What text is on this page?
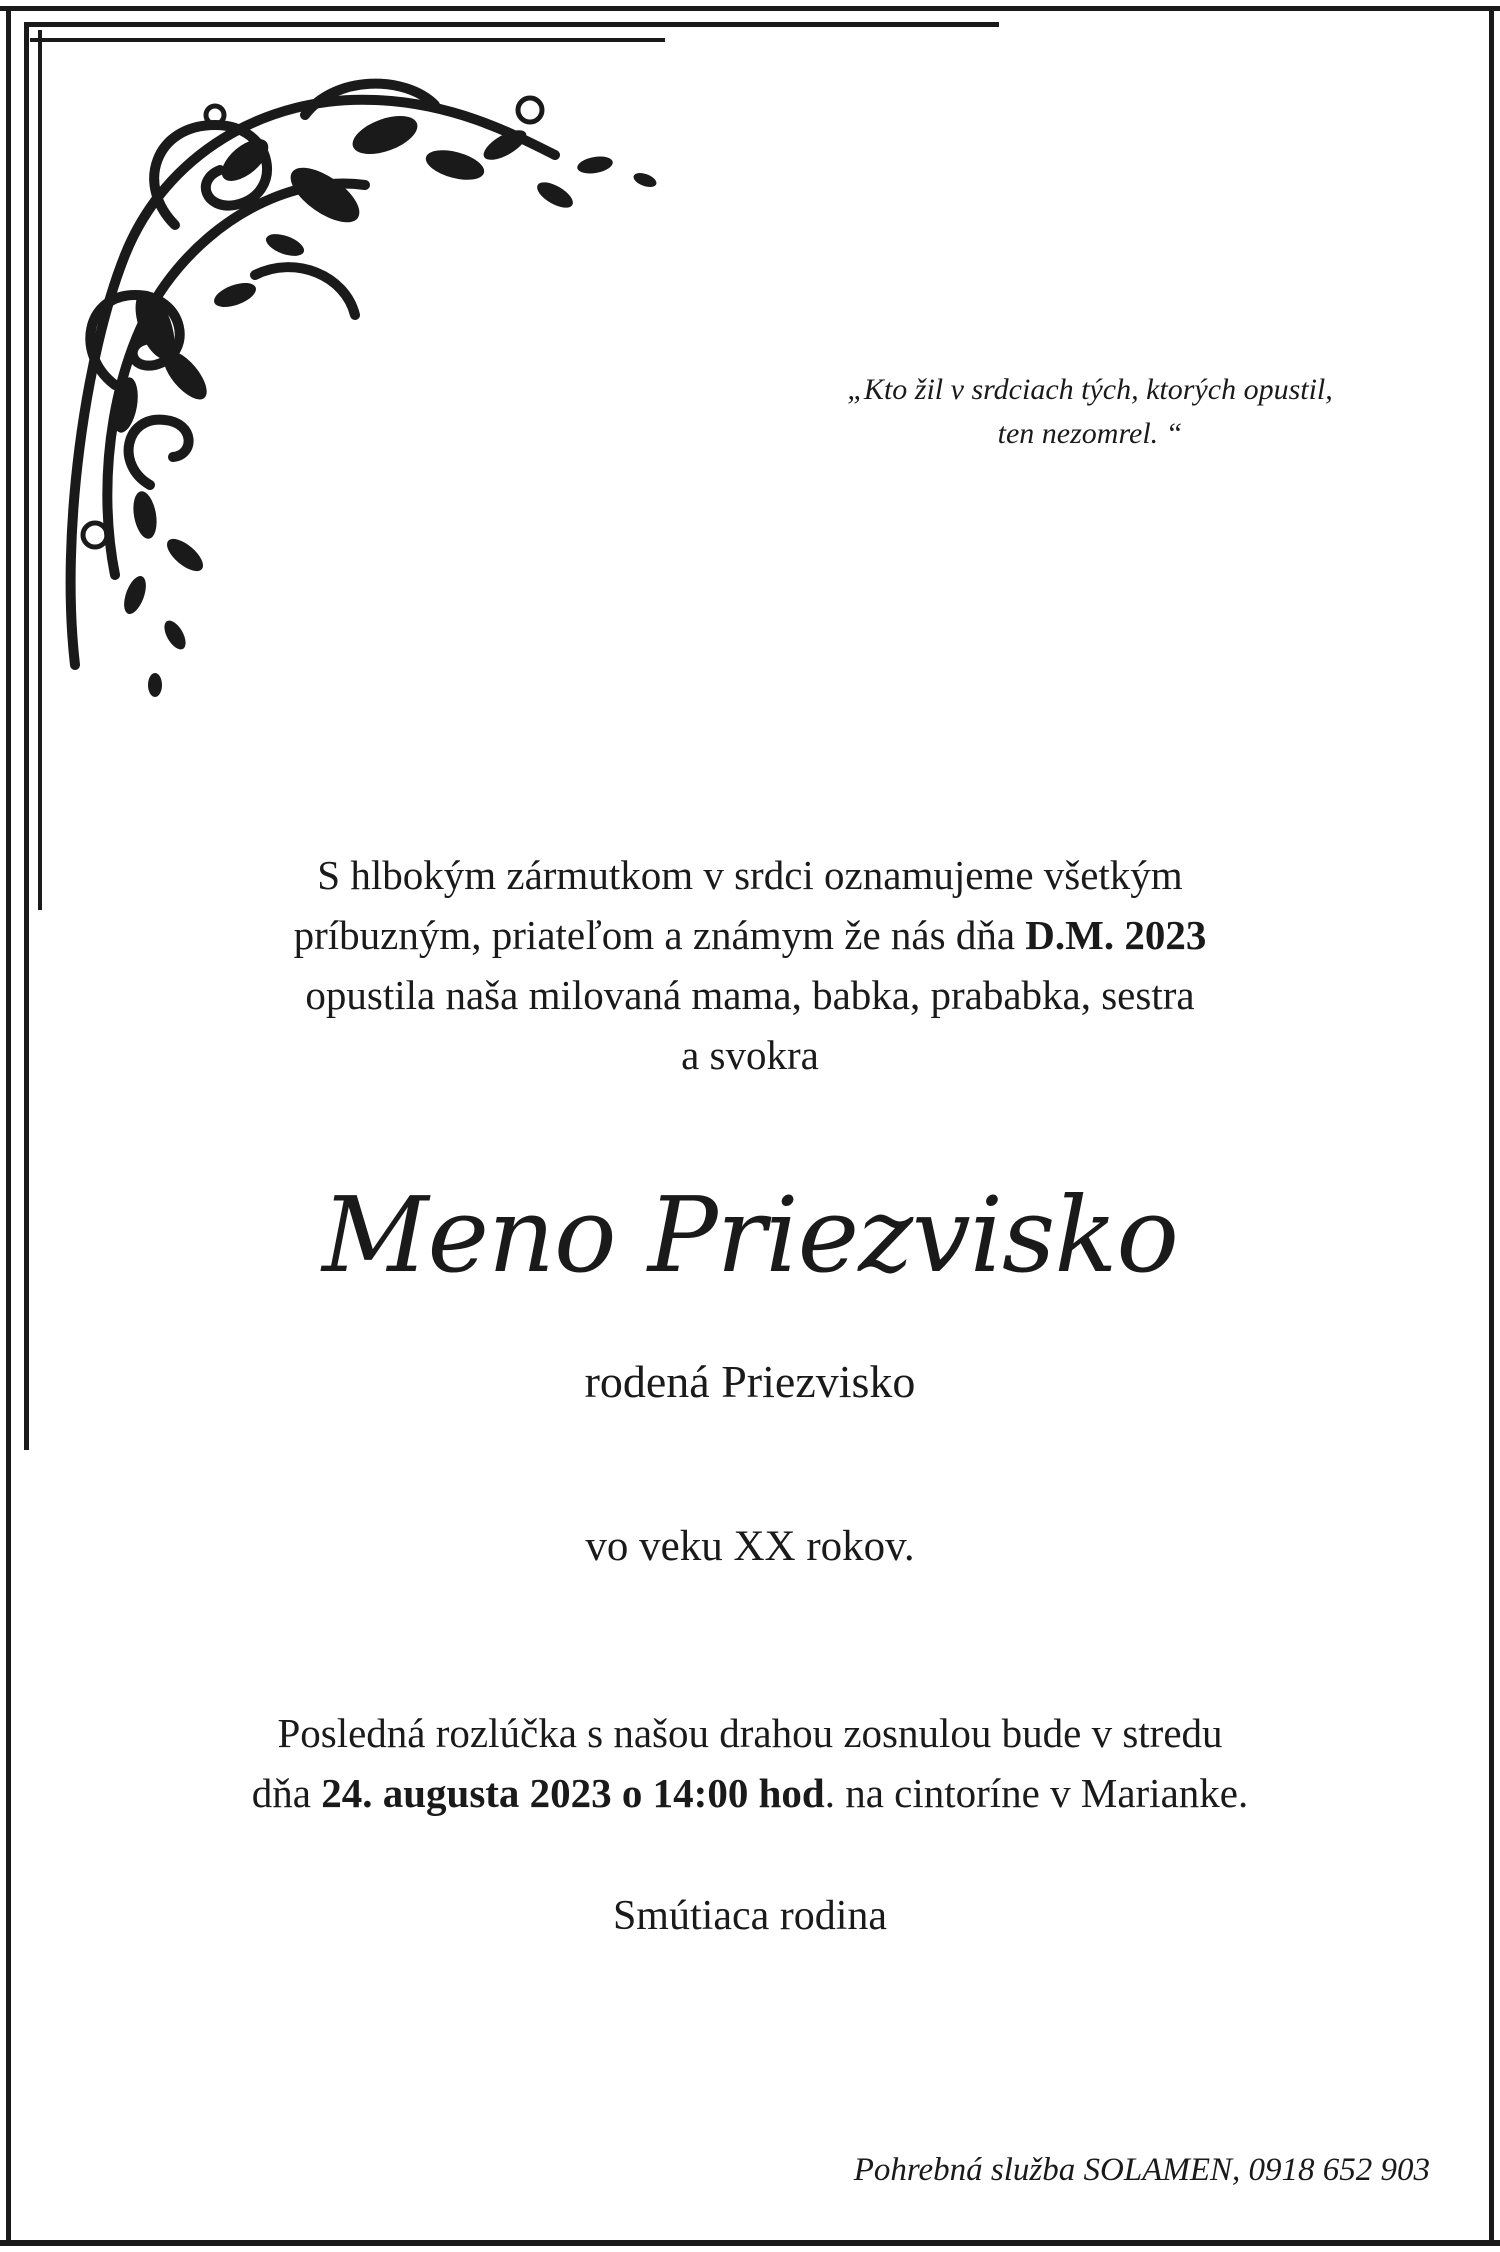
„Kto žil v srdciach tých, ktorých opustil,
ten nezomrel. “
S hlbokým zármutkom v srdci oznamujeme všetkým
príbuzným, priateľom a známym že nás dňa D.M. 2023
opustila naša milovaná mama, babka, prababka, sestra
a svokra
Meno Priezvisko
rodená Priezvisko
vo veku XX rokov.
Posledná rozlúčka s našou drahou zosnulou bude v stredu
dňa 24. augusta 2023 o 14:00 hod. na cintoríne v Marianke.
Smútiaca rodina
Pohrebná služba SOLAMEN, 0918 652 903
